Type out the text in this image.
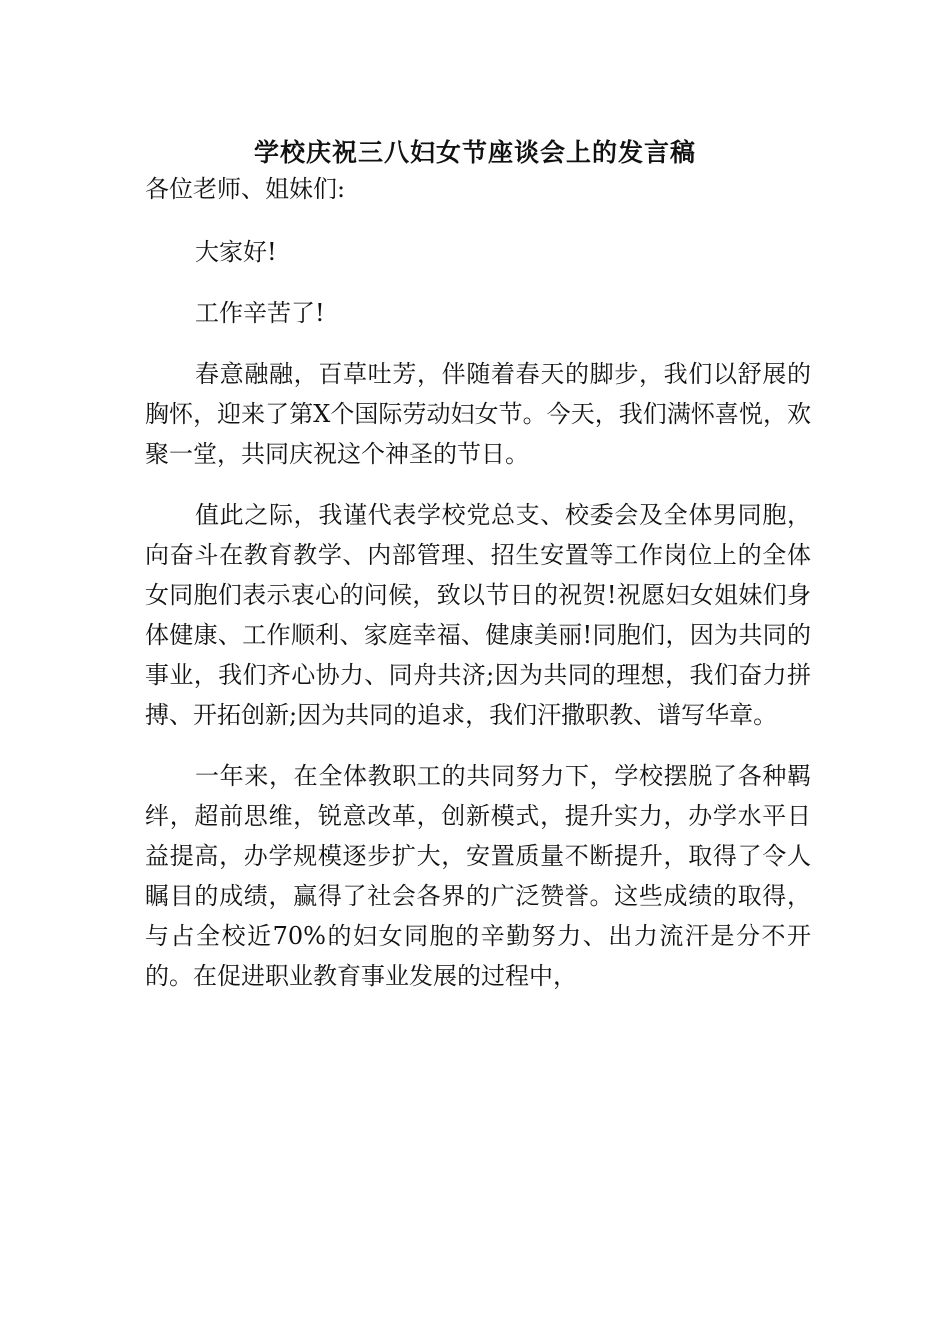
学校庆祝三八妇女节座谈会上的发言稿

各位老师、姐妹们:

大家好!

工作辛苦了!

春意融融，百草吐芳，伴随着春天的脚步，我们以舒展的胸怀，迎来了第X个国际劳动妇女节。今天，我们满怀喜悦，欢聚一堂，共同庆祝这个神圣的节日。

值此之际，我谨代表学校党总支、校委会及全体男同胞，向奋斗在教育教学、内部管理、招生安置等工作岗位上的全体女同胞们表示衷心的问候，致以节日的祝贺!祝愿妇女姐妹们身体健康、工作顺利、家庭幸福、健康美丽!同胞们，因为共同的事业，我们齐心协力、同舟共济;因为共同的理想，我们奋力拼搏、开拓创新;因为共同的追求，我们汗撒职教、谱写华章。

一年来，在全体教职工的共同努力下，学校摆脱了各种羁绊，超前思维，锐意改革，创新模式，提升实力，办学水平日益提高，办学规模逐步扩大，安置质量不断提升，取得了令人瞩目的成绩，赢得了社会各界的广泛赞誉。这些成绩的取得，与占全校近70%的妇女同胞的辛勤努力、出力流汗是分不开的。在促进职业教育事业发展的过程中，
